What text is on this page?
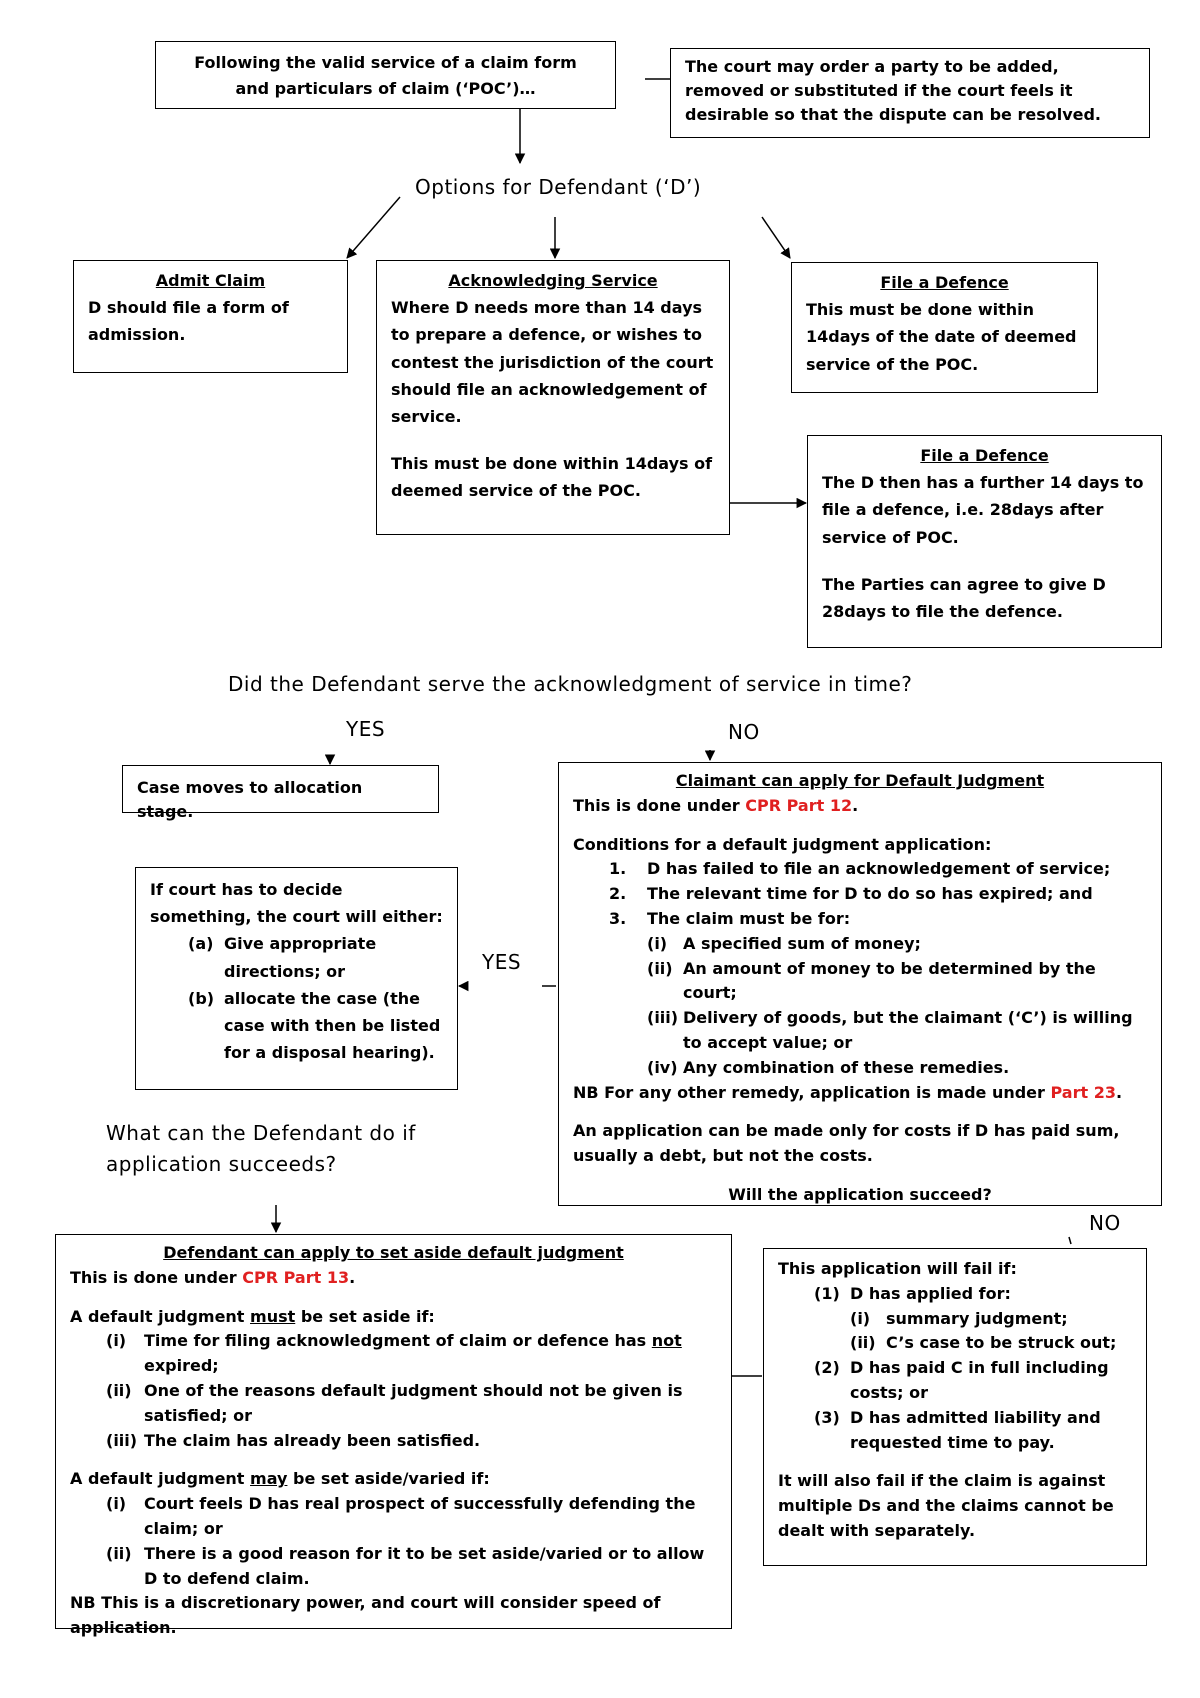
Following the valid service of a claim form and particulars of claim (‘POC’)…
The court may order a party to be added, removed or substituted if the court feels it desirable so that the dispute can be resolved.
Options for Defendant (‘D’)

Admit Claim

D should file a form of admission.

Acknowledging Service

Where D needs more than 14 days to prepare a defence, or wishes to contest the jurisdiction of the court should file an acknowledgement of service.

This must be done within 14days of deemed service of the POC.

File a Defence

This must be done within 14days of the date of deemed service of the POC.

File a Defence

The D then has a further 14 days to file a defence, i.e. 28days after service of POC.

The Parties can agree to give D 28days to file the defence.

Did the Defendant serve the acknowledgment of service in time?
YES	NO
Case moves to allocation stage.

Claimant can apply for Default Judgment

This is done under CPR Part 12.

Conditions for a default judgment application:

1.	D has failed to file an acknowledgement of service;
2.	The relevant time for D to do so has expired; and
3.	The claim must be for:
(i) A specified sum of money;
(ii) An amount of money to be determined by the court;
(iii) Delivery of goods, but the claimant (‘C’) is willing to accept value; or
(iv) Any combination of these remedies.

NB For any other remedy, application is made under Part 23.

An application can be made only for costs if D has paid sum, usually a debt, but not the costs.

Will the application succeed?

YES

If court has to decide something, the court will either:

(a) Give appropriate directions; or
(b) allocate the case (the case with then be listed for a disposal hearing).
What can the Defendant do if
application succeeds?
NO

Defendant can apply to set aside default judgment

This is done under CPR Part 13.

A default judgment must be set aside if:

(i)	Time for filing acknowledgment of claim or defence has not expired;
(ii) One of the reasons default judgment should not be given is satisfied; or
(iii) The claim has already been satisfied.

A default judgment may be set aside/varied if:

(i)	Court feels D has real prospect of successfully defending the claim; or
(ii) There is a good reason for it to be set aside/varied or to allow D to defend claim.

NB This is a discretionary power, and court will consider speed of application.

This application will fail if:

(1) D has applied for:
(i) summary judgment;
(ii) C’s case to be struck out;
(2) D has paid C in full including costs; or
(3) D has admitted liability and requested time to pay.

It will also fail if the claim is against multiple Ds and the claims cannot be dealt with separately.
